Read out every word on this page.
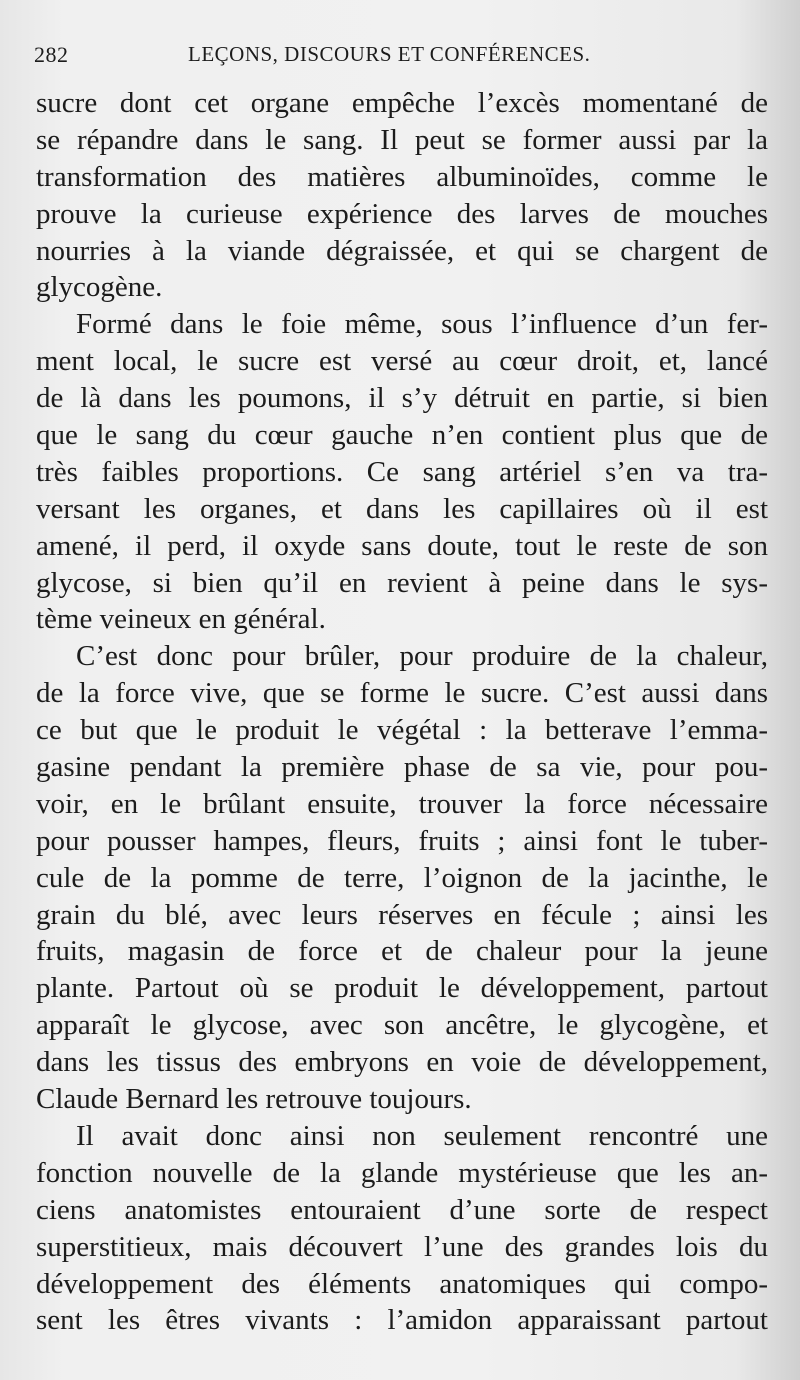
282	LEÇONS, DISCOURS ET CONFÉRENCES.
sucre dont cet organe empêche l’excès momentané de
se répandre dans le sang. Il peut se former aussi par la
transformation des matières albuminoïdes, comme le
prouve la curieuse expérience des larves de mouches
nourries à la viande dégraissée, et qui se chargent de
glycogène.
Formé dans le foie même, sous l’influence d’un fer-
ment local, le sucre est versé au cœur droit, et, lancé
de là dans les poumons, il s’y détruit en partie, si bien
que le sang du cœur gauche n’en contient plus que de
très faibles proportions. Ce sang artériel s’en va tra-
versant les organes, et dans les capillaires où il est
amené, il perd, il oxyde sans doute, tout le reste de son
glycose, si bien qu’il en revient à peine dans le sys-
tème veineux en général.
C’est donc pour brûler, pour produire de la chaleur,
de la force vive, que se forme le sucre. C’est aussi dans
ce but que le produit le végétal : la betterave l’emma-
gasine pendant la première phase de sa vie, pour pou-
voir, en le brûlant ensuite, trouver la force nécessaire
pour pousser hampes, fleurs, fruits ; ainsi font le tuber-
cule de la pomme de terre, l’oignon de la jacinthe, le
grain du blé, avec leurs réserves en fécule ; ainsi les
fruits, magasin de force et de chaleur pour la jeune
plante. Partout où se produit le développement, partout
apparaît le glycose, avec son ancêtre, le glycogène, et
dans les tissus des embryons en voie de développement,
Claude Bernard les retrouve toujours.
Il avait donc ainsi non seulement rencontré une
fonction nouvelle de la glande mystérieuse que les an-
ciens anatomistes entouraient d’une sorte de respect
superstitieux, mais découvert l’une des grandes lois du
développement des éléments anatomiques qui compo-
sent les êtres vivants : l’amidon apparaissant partout
